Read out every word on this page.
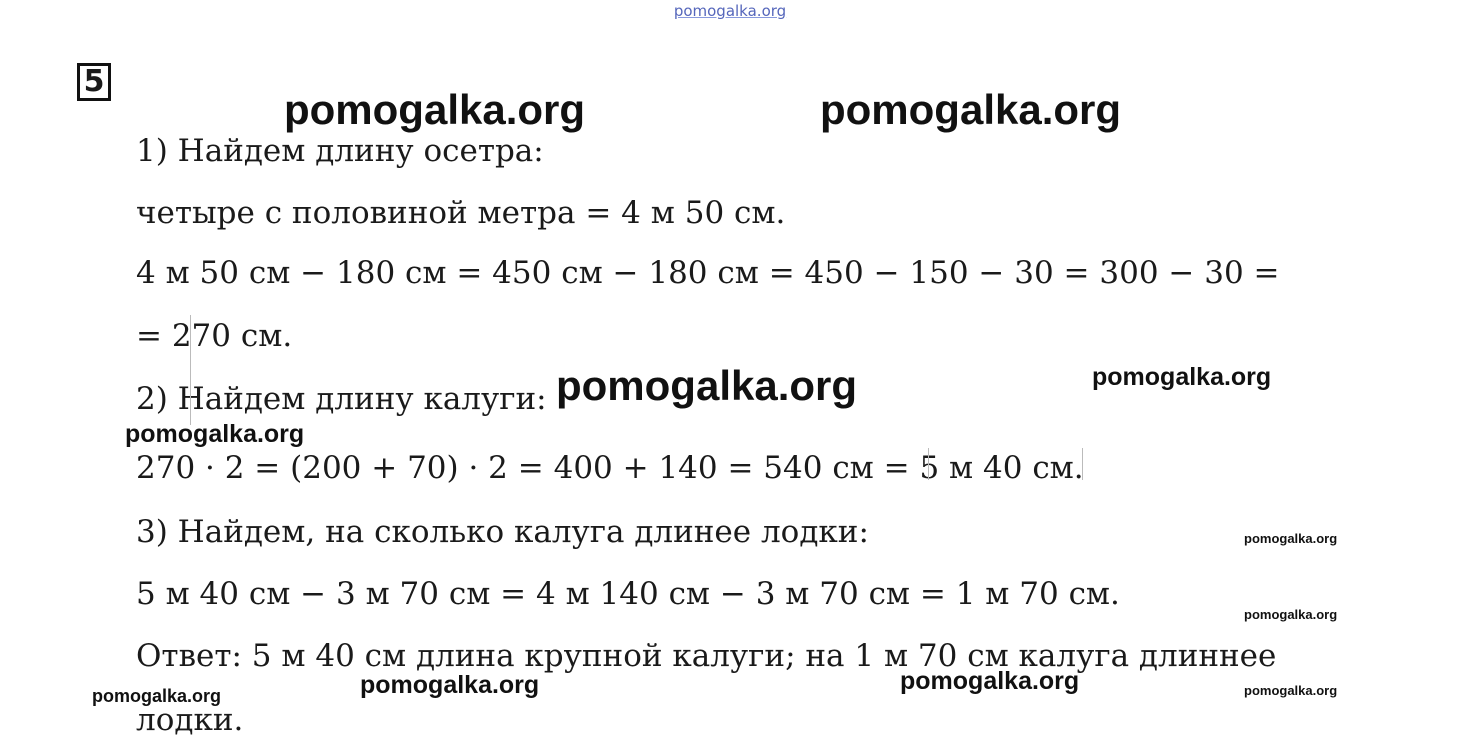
pomogalka.org
5
1) Найдем длину осетра:
четыре с половиной метра = 4 м 50 см.
4 м 50 см − 180 см = 450 см − 180 см = 450 − 150 − 30 = 300 − 30 =
= 270 см.
2) Найдем длину калуги:
270 · 2 = (200 + 70) · 2 = 400 + 140 = 540 см = 5 м 40 см.
3) Найдем, на сколько калуга длинее лодки:
5 м 40 см − 3 м 70 см = 4 м 140 см − 3 м 70 см = 1 м 70 см.
Ответ: 5 м 40 см длина крупной калуги; на 1 м 70 см калуга длиннее
лодки.
pomogalka.org	pomogalka.org
pomogalka.org	pomogalka.org
pomogalka.org
pomogalka.org
pomogalka.org
pomogalka.org	pomogalka.org	pomogalka.org	pomogalka.org
